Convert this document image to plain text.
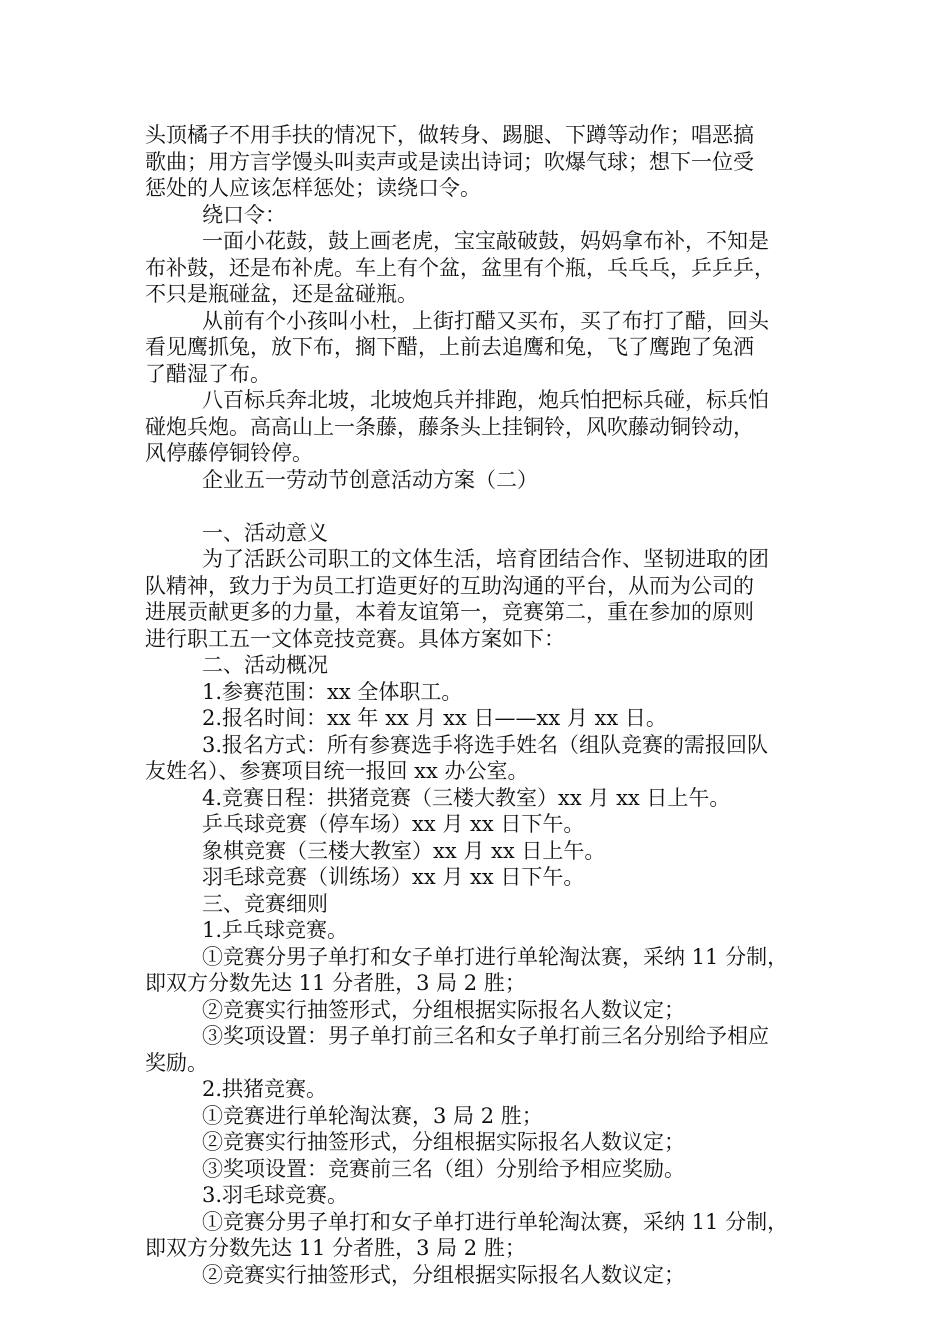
头顶橘子不用手扶的情况下，做转身、踢腿、下蹲等动作；唱恶搞
歌曲；用方言学馒头叫卖声或是读出诗词；吹爆气球；想下一位受
惩处的人应该怎样惩处；读绕口令。
绕口令：
一面小花鼓，鼓上画老虎，宝宝敲破鼓，妈妈拿布补，不知是
布补鼓，还是布补虎。车上有个盆，盆里有个瓶，乓乓乓，乒乒乒，
不只是瓶碰盆，还是盆碰瓶。
从前有个小孩叫小杜，上街打醋又买布，买了布打了醋，回头
看见鹰抓兔，放下布，搁下醋，上前去追鹰和兔，飞了鹰跑了兔洒
了醋湿了布。
八百标兵奔北坡，北坡炮兵并排跑，炮兵怕把标兵碰，标兵怕
碰炮兵炮。高高山上一条藤，藤条头上挂铜铃，风吹藤动铜铃动，
风停藤停铜铃停。
企业五一劳动节创意活动方案（二）
一、活动意义
为了活跃公司职工的文体生活，培育团结合作、坚韧进取的团
队精神，致力于为员工打造更好的互助沟通的平台，从而为公司的
进展贡献更多的力量，本着友谊第一，竞赛第二，重在参加的原则
进行职工五一文体竞技竞赛。具体方案如下：
二、活动概况
1.参赛范围：xx 全体职工。
2.报名时间：xx 年 xx 月 xx 日——xx 月 xx 日。
3.报名方式：所有参赛选手将选手姓名（组队竞赛的需报回队
友姓名）、参赛项目统一报回 xx 办公室。
4.竞赛日程：拱猪竞赛（三楼大教室）xx 月 xx 日上午。
乒乓球竞赛（停车场）xx 月 xx 日下午。
象棋竞赛（三楼大教室）xx 月 xx 日上午。
羽毛球竞赛（训练场）xx 月 xx 日下午。
三、竞赛细则
1.乒乓球竞赛。
①竞赛分男子单打和女子单打进行单轮淘汰赛，采纳 11 分制，
即双方分数先达 11 分者胜，3 局 2 胜；
②竞赛实行抽签形式，分组根据实际报名人数议定；
③奖项设置：男子单打前三名和女子单打前三名分别给予相应
奖励。
2.拱猪竞赛。
①竞赛进行单轮淘汰赛，3 局 2 胜；
②竞赛实行抽签形式，分组根据实际报名人数议定；
③奖项设置：竞赛前三名（组）分别给予相应奖励。
3.羽毛球竞赛。
①竞赛分男子单打和女子单打进行单轮淘汰赛，采纳 11 分制，
即双方分数先达 11 分者胜，3 局 2 胜；
②竞赛实行抽签形式，分组根据实际报名人数议定；
